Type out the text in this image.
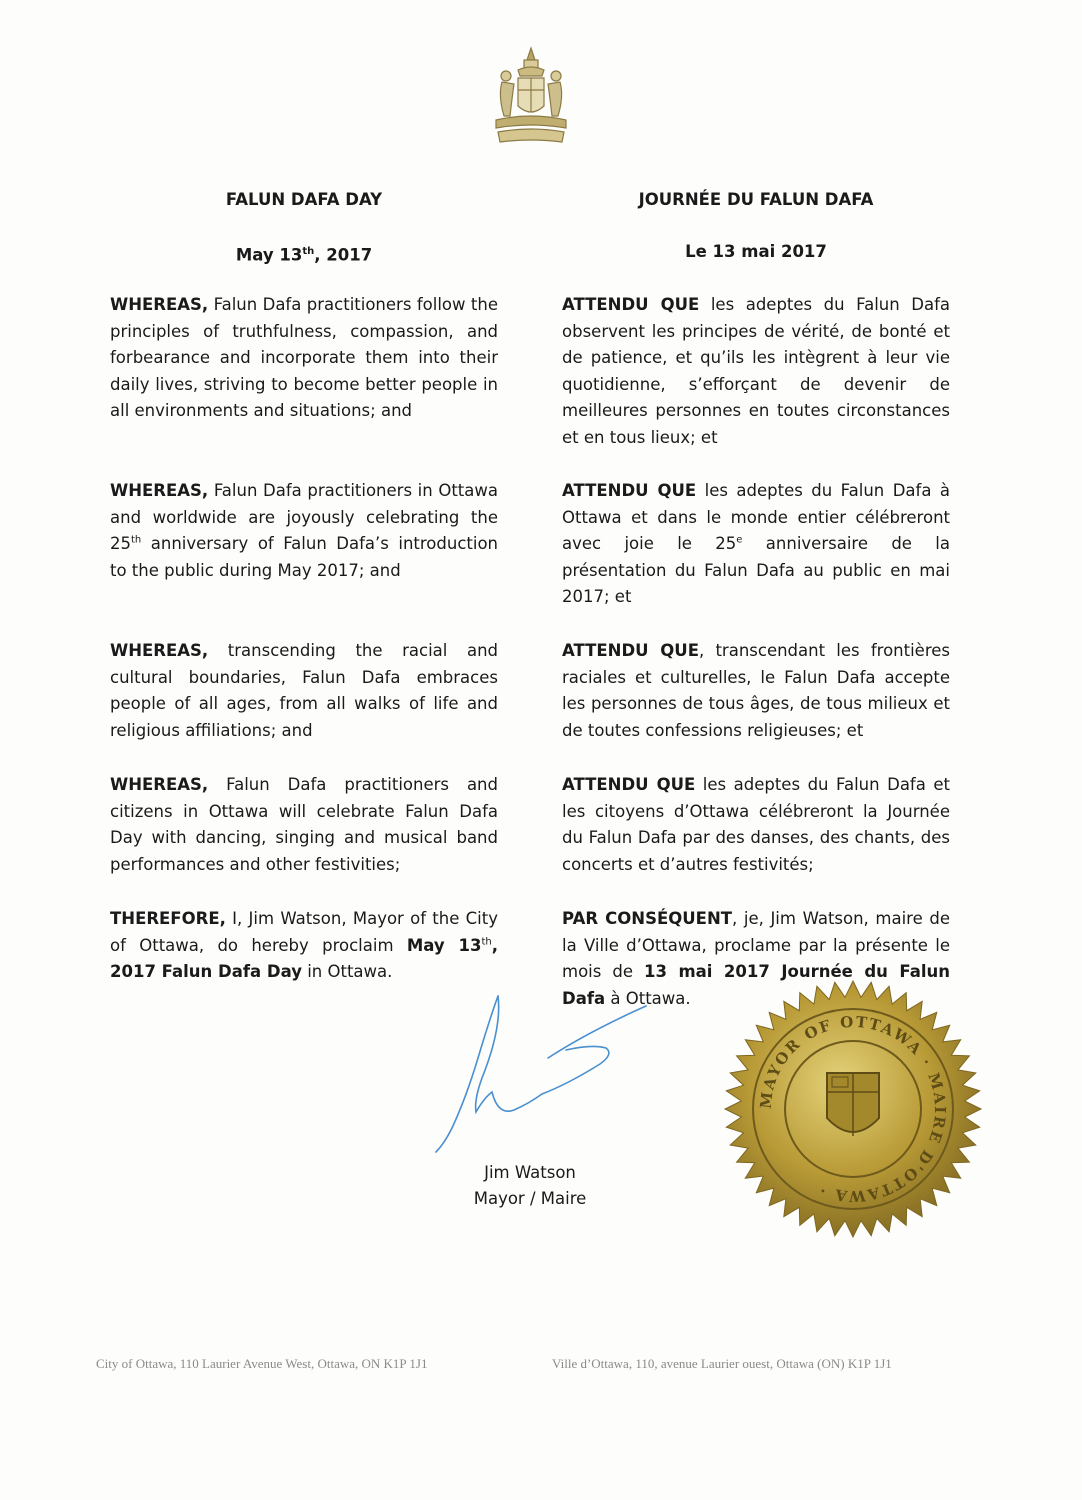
FALUN DAFA DAY
May 13th, 2017

WHEREAS, Falun Dafa practitioners follow the principles of truthfulness, compassion, and forbearance and incorporate them into their daily lives, striving to become better people in all environments and situations; and

WHEREAS, Falun Dafa practitioners in Ottawa and worldwide are joyously celebrating the 25th anniversary of Falun Dafa’s introduction to the public during May 2017; and

WHEREAS, transcending the racial and cultural boundaries, Falun Dafa embraces people of all ages, from all walks of life and religious affiliations; and

WHEREAS, Falun Dafa practitioners and citizens in Ottawa will celebrate Falun Dafa Day with dancing, singing and musical band performances and other festivities;

THEREFORE, I, Jim Watson, Mayor of the City of Ottawa, do hereby proclaim May 13th, 2017 Falun Dafa Day in Ottawa.

JOURNÉE DU FALUN DAFA
Le 13 mai 2017

ATTENDU QUE les adeptes du Falun Dafa observent les principes de vérité, de bonté et de patience, et qu’ils les intègrent à leur vie quotidienne, s’efforçant de devenir de meilleures personnes en toutes circonstances et en tous lieux; et

ATTENDU QUE les adeptes du Falun Dafa à Ottawa et dans le monde entier célébreront avec joie le 25e anniversaire de la présentation du Falun Dafa au public en mai 2017; et

ATTENDU QUE, transcendant les frontières raciales et culturelles, le Falun Dafa accepte les personnes de tous âges, de tous milieux et de toutes confessions religieuses; et

ATTENDU QUE les adeptes du Falun Dafa et les citoyens d’Ottawa célébreront la Journée du Falun Dafa par des danses, des chants, des concerts et d’autres festivités;

PAR CONSÉQUENT, je, Jim Watson, maire de la Ville d’Ottawa, proclame par la présente le mois de 13 mai 2017 Journée du Falun Dafa à Ottawa.

Jim Watson
Mayor / Maire
MAYOR OF OTTAWA · MAIRE D'OTTAWA ·
City of Ottawa, 110 Laurier Avenue West, Ottawa, ON K1P 1J1	Ville d’Ottawa, 110, avenue Laurier ouest, Ottawa (ON) K1P 1J1
